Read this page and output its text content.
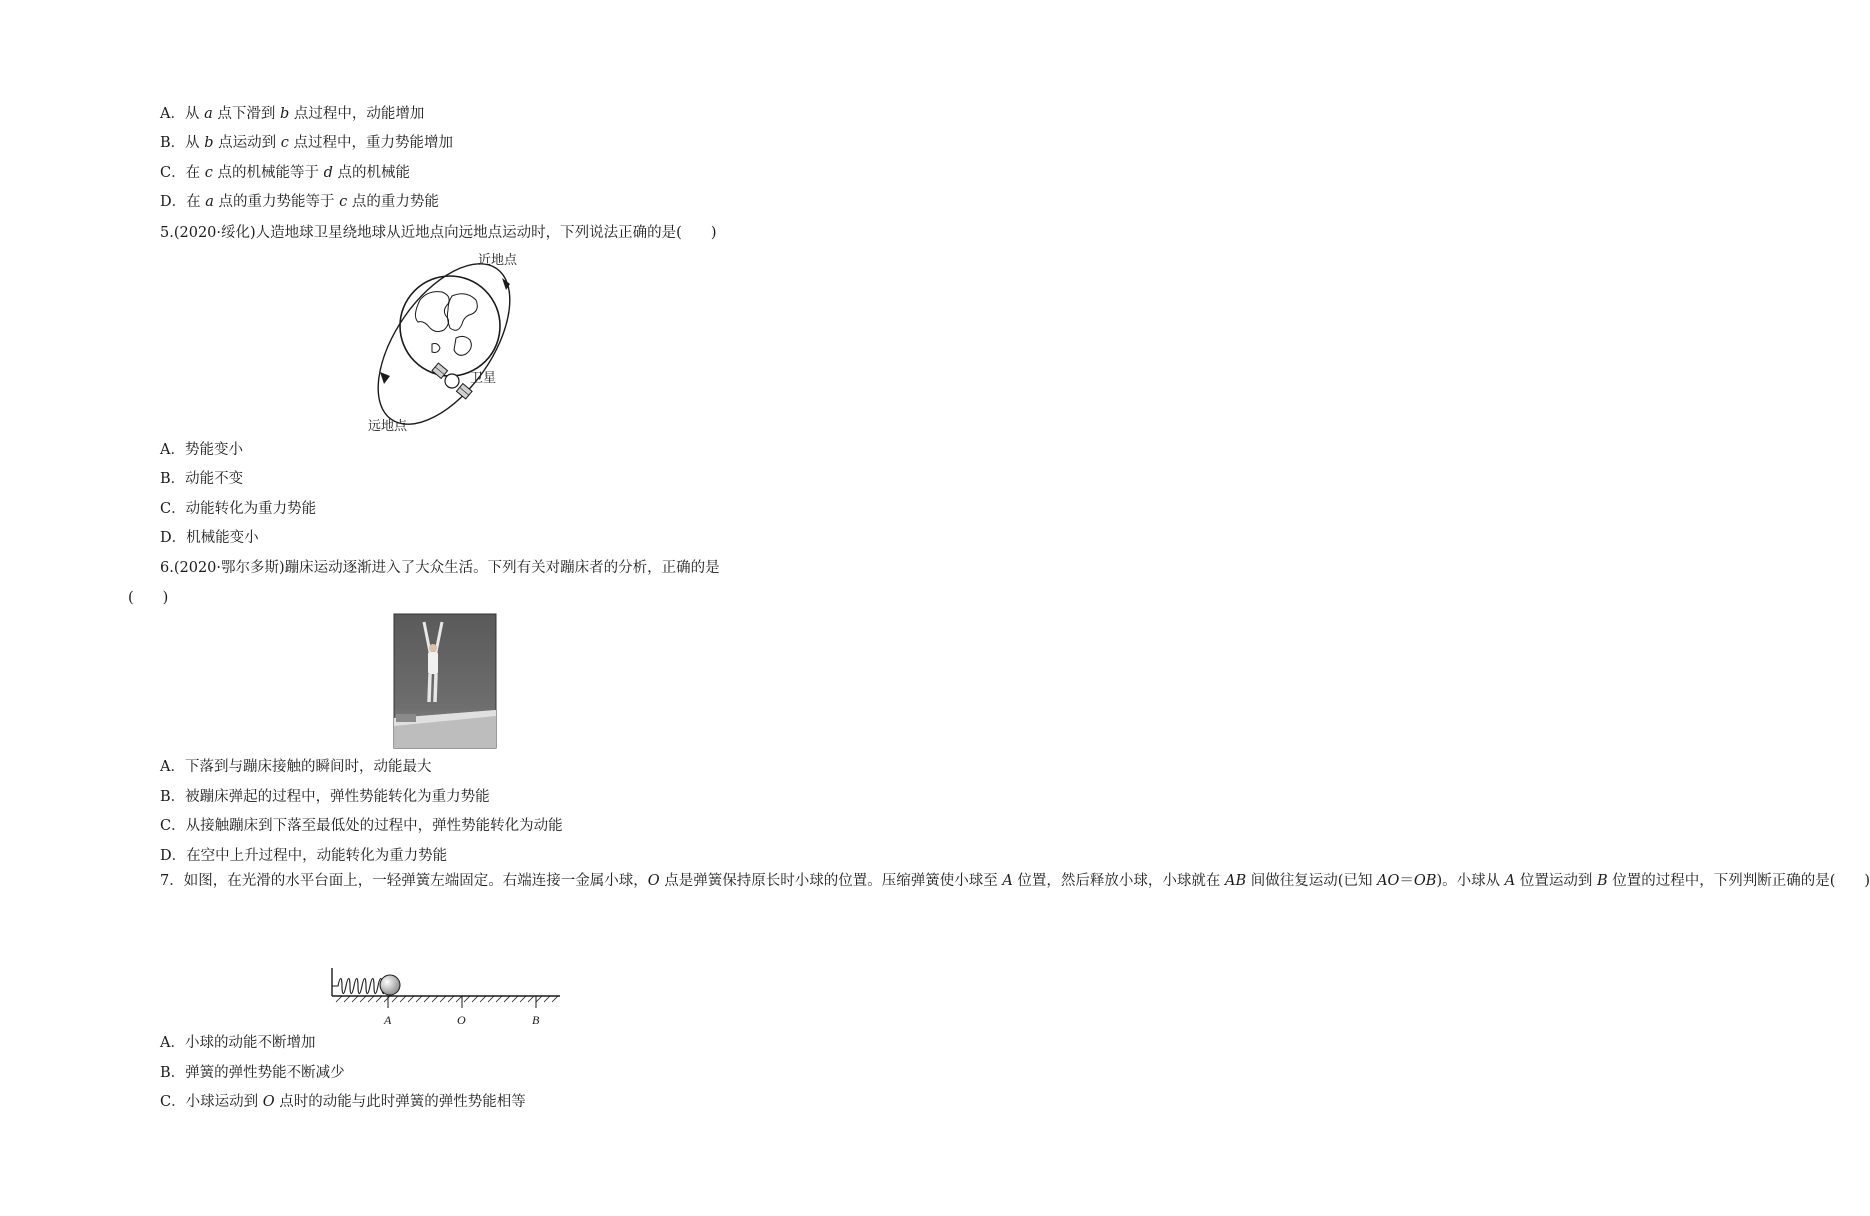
A．从 a 点下滑到 b 点过程中，动能增加
B．从 b 点运动到 c 点过程中，重力势能增加
C．在 c 点的机械能等于 d 点的机械能
D．在 a 点的重力势能等于 c 点的重力势能
5.(2020·绥化)人造地球卫星绕地球从近地点向远地点运动时，下列说法正确的是(　　)
近地点
卫星
远地点
A．势能变小
B．动能不变
C．动能转化为重力势能
D．机械能变小
6.(2020·鄂尔多斯)蹦床运动逐渐进入了大众生活。下列有关对蹦床者的分析，正确的是
(　　)
A．下落到与蹦床接触的瞬间时，动能最大
B．被蹦床弹起的过程中，弹性势能转化为重力势能
C．从接触蹦床到下落至最低处的过程中，弹性势能转化为动能
D．在空中上升过程中，动能转化为重力势能
7．如图，在光滑的水平台面上，一轻弹簧左端固定。右端连接一金属小球，O 点是弹簧保持原长时小球的位置。压缩弹簧使小球至 A 位置，然后释放小球，小球就在 AB 间做往复运动(已知 AO＝OB)。小球从 A 位置运动到 B 位置的过程中，下列判断正确的是(　　)
A	O	B
A．小球的动能不断增加
B．弹簧的弹性势能不断减少
C．小球运动到 O 点时的动能与此时弹簧的弹性势能相等
